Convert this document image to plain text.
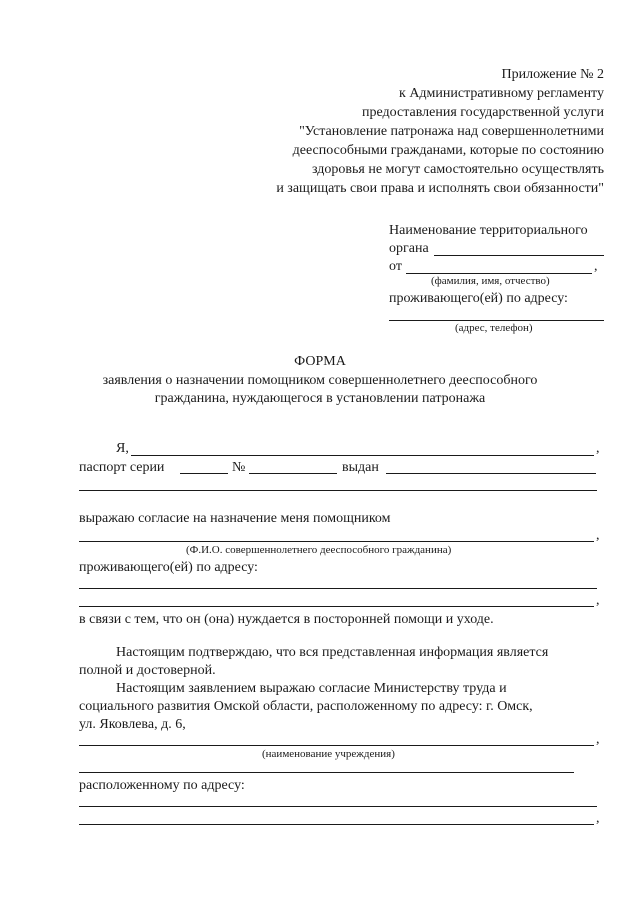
Приложение № 2
к Административному регламенту
предоставления государственной услуги
"Установление патронажа над совершеннолетними
дееспособными гражданами, которые по состоянию
здоровья не могут самостоятельно осуществлять
и защищать свои права и исполнять свои обязанности"
Наименование территориального
органа
от	,
(фамилия, имя, отчество)
проживающего(ей) по адресу:
(адрес, телефон)
ФОРМА
заявления о назначении помощником совершеннолетнего дееспособного
гражданина, нуждающегося в установлении патронажа
Я,	,
паспорт серии	№	выдан
выражаю согласие на назначение меня помощником
,
(Ф.И.О. совершеннолетнего дееспособного гражданина)
проживающего(ей) по адресу:
,
в связи с тем, что он (она) нуждается в посторонней помощи и уходе.
Настоящим подтверждаю, что вся представленная информация является
полной и достоверной.
Настоящим заявлением выражаю согласие Министерству труда и
социального развития Омской области, расположенному по адресу: г. Омск,
ул. Яковлева, д. 6,
,
(наименование учреждения)
расположенному по адресу:
,
